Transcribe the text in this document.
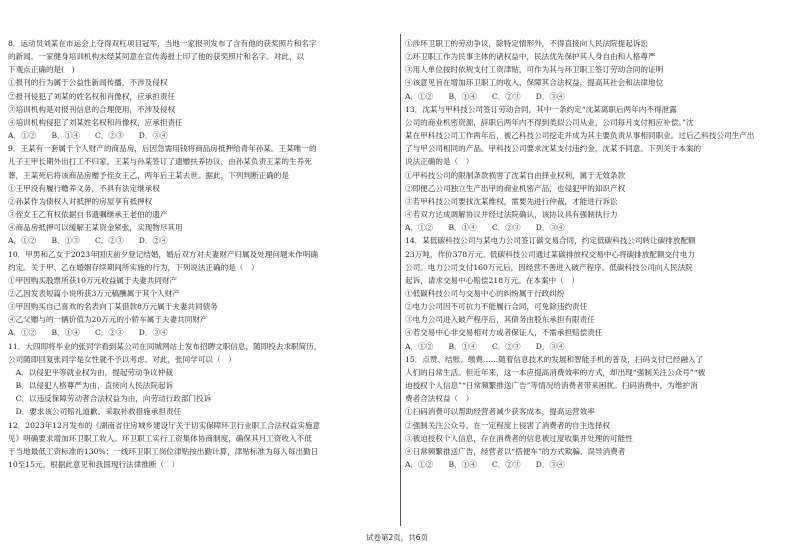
8．运动员刘某在市运会上夺得双杠项目冠军，当地一家报刊发布了含有他的获奖照片和名字

的新闻。一家健身培训机构未经某同意在宣传海报上印了他的获奖照片和名字。对此，以

下观点正确的是(　)

①报刊的行为属于公益性新闻传播，不涉及侵权

②报刊侵犯了刘某的姓名权和肖像权，应承担责任

③培训机构是对报刊信息的合理使用，不涉及侵权

④培训机构侵犯了刘某姓名权和肖像权，应承担责任

A．①②　　B．①④　　C．②③　　D．③④

9．王某有一套属于个人财产的商品房，后因急需用钱将商品房抵押给青年孙某。王某唯一的

儿子王甲长期外出打工不归家，王某与孙某签订了遗赠扶养协议，由孙某负责王某的生养死

葬，王某死后将该商品房赠予侄女王乙，两年后王某去世。据此，下列判断正确的是

①王甲没有履行赡养义务，不具有法定继承权

②孙某作为债权人对抵押的房屋享有抵押权

③侄女王乙有权依据自书遗嘱继承王老伯的遗产

④商品房抵押可以缓解王某资金紧张，实现物尽其用

A．①②　　B．①③　　C．②③　　D．②④

10．甲男和乙女于2023年国庆前夕登记结婚，婚后双方对夫妻财产归属及处理问题未作明确

约定。关于甲、乙在婚姻存续期间所实施的行为，下列说法正确的是（　）

①甲因购买股票所获10万元收益属于夫妻共同财产

②乙因发表短篇小说所获3万元稿酬属于其个人财产

③甲因购买自己喜欢的名表向丁某借款8万元属于夫妻共同债务

④乙父赠与的一辆价值为20万元的小轿车属于夫妻共同财产

A．①②　　B．①④　　C．②③　　D．③④

11．大四即将毕业的张同学看到某公司在同城网站上发布招聘文职信息，随即投去求职简历，

公司随即回复张同学是女性就不予以考虑。对此，张同学可以（　）

　A．以侵犯平等就业权为由，提起劳动争议仲裁

　B．以侵犯人格尊严为由，直接向人民法院起诉

　C．以违反保障劳动者合法权益为由，向劳动行政部门投诉

　D．要求该公司赔礼道歉、采取补救措施承担责任

12．2023年12月发布的《湖南省住房城乡建设厅关于切实保障环卫行业职工合法权益实施意

见》明确要求增加环卫职工收入。环卫职工实行工资集体协商制度，确保其月工资收入不低

于当地最低工资标准的130%；一线环卫职工岗位津贴按出勤计算，津贴标准为每人每出勤日

10至15元。根据此意见和我国现行法律推断（　）

①涉环卫职工的劳动争议，除特定情形外，不得直接向人民法院提起诉讼

②环卫职工作为民事主体的诸权益中，民法优先保护其人身自由和人格尊严

③用人单位按时依规支付工资津贴，可作为其与环卫职工签订劳动合同的证明

④该意见旨在增加环卫职工的收入、保障其合法权益，提高其社会和法律地位

A．①②　　B．①④　　C．②③　　D．③④

13．沈某与甲科技公司签订劳动合同，其中一条约定“沈某离职后两年内不得泄露

公司的商业机密资源，辞职后两年内不得到类似公司从业，公司每月支付相应补偿。”沈

某在甲科技公司工作两年后，被乙科技公司挖走并成为其主要负责从事相同职业。过后乙科技公司生产出

了与甲公司相同的产品。甲科技公司要求沈某支付违约金，沈某不同意。下列关于本案的

说法正确的是（　）

①甲科技公司的限制条款损害了沈某自由择业权利，属于无效条款

②即便乙公司独立生产出甲的商业机密产品，也侵犯甲的知识产权

③若甲科技公司要找沈某维权，需要先进行仲裁，才能进行诉讼

④若双方达成调解协议并经过法院确认，该协议具有强制执行力

A．①②　　B．①④　　C．②③　　D．③④

14．某低碳科技公司与某电力公司签订碳交易合同，约定低碳科技公司转让碳排放配额

23万吨，作价378万元。低碳科技公司通过某碳排放权交易中心将碳排放配额交付电力

公司。电力公司支付160万元后，因经营不善进入破产程序。低碳科技公司向人民法院

起诉，请求交易中心赔偿218万元。在本案中（　）

①低碳科技公司与交易中心的纠纷属于行政纠纷

②电力公司因不可抗力不能履行合同，可免除违约责任

③电力公司进入破产程序后，其债务由股东承担有限责任

④若交易中心非交易相对方或者保证人，不需承担赔偿责任

A．①②　　B．①④　　C．②③　　D．③④

15．点赞、结账、缴费……随着信息技术的发展和智能手机的普及，扫码支付已经融入了

人们的日常生活。但近年来，这一本应提高消费效率的方式，却出现“强制关注公众号”“被

迫授权个人信息”“日常频繁推送广告”等情况给消费者带来困扰。扫码消费中，为维护消

费者合法权益（　）

①扫码消费可以帮助经营者减少获客成本，提高运营效率

②强制关注公众号，在一定程度上侵害了消费者的自主选择权

③被迫授权个人信息，存在消费者的信息被过度收集并处理的可能性

④日常频繁推送广告，经营者以“搭便车”的方式欺骗、误导消费者

A．①②　　B．①④　　C．②③　　D．③④

试卷第2页，共6页
